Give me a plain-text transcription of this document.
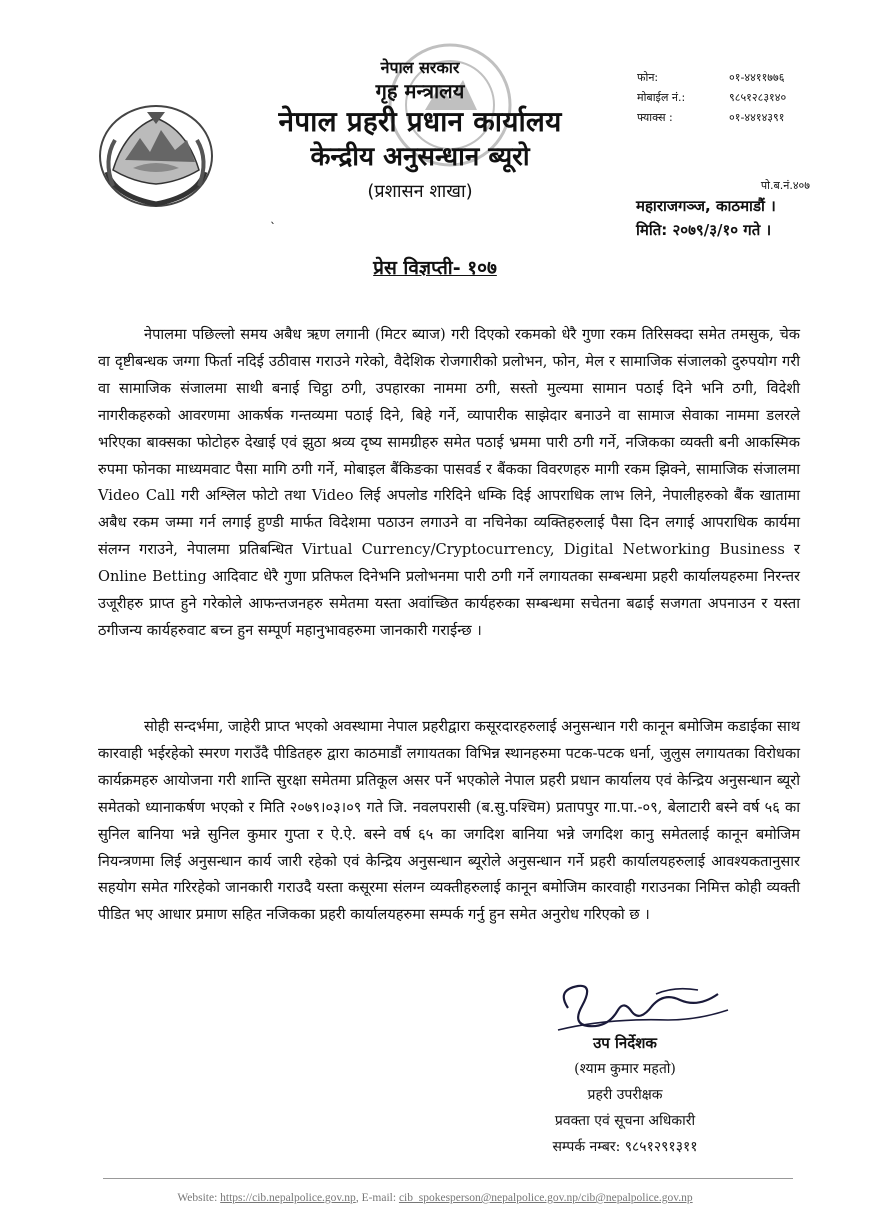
नेपाल सरकार
गृह मन्त्रालय
नेपाल प्रहरी प्रधान कार्यालय
केन्द्रीय अनुसन्धान ब्यूरो
(प्रशासन शाखा)
ˎ
फोन:	०१-४४११७७६
मोबाईल नं.:	९८५१२८३१४०
फ्याक्स :	०१-४४१४३९१
पो.ब.नं.४०७
महाराजगञ्ज, काठमाडौं ।
मिति: २०७९/३/१० गते ।
प्रेस विज्ञप्ती- १०७
नेपालमा पछिल्लो समय अबैध ऋण लगानी (मिटर ब्याज) गरी दिएको रकमको धेरै गुणा रकम तिरिसक्दा समेत तमसुक, चेक वा दृष्टीबन्धक जग्गा फिर्ता नदिई उठीवास गराउने गरेको, वैदेशिक रोजगारीको प्रलोभन, फोन, मेल र सामाजिक संजालको दुरुपयोग गरी वा सामाजिक संजालमा साथी बनाई चिट्ठा ठगी, उपहारका नाममा ठगी, सस्तो मुल्यमा सामान पठाई दिने भनि ठगी, विदेशी नागरीकहरुको आवरणमा आकर्षक गन्तव्यमा पठाई दिने, बिहे गर्ने, व्यापारीक साझेदार बनाउने वा सामाज सेवाका नाममा डलरले भरिएका बाक्सका फोटोहरु देखाई एवं झुठा श्रव्य दृष्य सामग्रीहरु समेत पठाई भ्रममा पारी ठगी गर्ने, नजिकका व्यक्ती बनी आकस्मिक रुपमा फोनका माध्यमवाट पैसा मागि ठगी गर्ने, मोबाइल बैंकिङका पासवर्ड र बैंकका विवरणहरु मागी रकम झिक्ने, सामाजिक संजालमा Video Call गरी अश्लिल फोटो तथा Video लिई अपलोड गरिदिने धम्कि दिई आपराधिक लाभ लिने, नेपालीहरुको बैंक खातामा अबैध रकम जम्मा गर्न लगाई हुण्डी मार्फत विदेशमा पठाउन लगाउने वा नचिनेका व्यक्तिहरुलाई पैसा दिन लगाई आपराधिक कार्यमा संलग्न गराउने, नेपालमा प्रतिबन्धित Virtual Currency/Cryptocurrency, Digital Networking Business र Online Betting आदिवाट धेरै गुणा प्रतिफल दिनेभनि प्रलोभनमा पारी ठगी गर्ने लगायतका सम्बन्धमा प्रहरी कार्यालयहरुमा निरन्तर उजूरीहरु प्राप्त हुने गरेकोले आफन्तजनहरु समेतमा यस्ता अवांच्छित कार्यहरुका सम्बन्धमा सचेतना बढाई सजगता अपनाउन र यस्ता ठगीजन्य कार्यहरुवाट बच्न हुन सम्पूर्ण महानुभावहरुमा जानकारी गराईन्छ ।
सोही सन्दर्भमा, जाहेरी प्राप्त भएको अवस्थामा नेपाल प्रहरीद्वारा कसूरदारहरुलाई अनुसन्धान गरी कानून बमोजिम कडाईका साथ कारवाही भईरहेको स्मरण गराउँदै पीडितहरु द्वारा काठमाडौं लगायतका विभिन्न स्थानहरुमा पटक-पटक धर्ना, जुलुस लगायतका विरोधका कार्यक्रमहरु आयोजना गरी शान्ति सुरक्षा समेतमा प्रतिकूल असर पर्ने भएकोले नेपाल प्रहरी प्रधान कार्यालय एवं केन्द्रिय अनुसन्धान ब्यूरो समेतको ध्यानाकर्षण भएको र मिति २०७९।०३।०९ गते जि. नवलपरासी (ब.सु.पश्चिम) प्रतापपुर गा.पा.-०९, बेलाटारी बस्ने वर्ष ५६ का सुनिल बानिया भन्ने सुनिल कुमार गुप्ता र ऐ.ऐ. बस्ने वर्ष ६५ का जगदिश बानिया भन्ने जगदिश कानु समेतलाई कानून बमोजिम नियन्त्रणमा लिई अनुसन्धान कार्य जारी रहेको एवं केन्द्रिय अनुसन्धान ब्यूरोले अनुसन्धान गर्ने प्रहरी कार्यालयहरुलाई आवश्यकतानुसार सहयोग समेत गरिरहेको जानकारी गराउदै यस्ता कसूरमा संलग्न व्यक्तीहरुलाई कानून बमोजिम कारवाही गराउनका निमित्त कोही व्यक्ती पीडित भए आधार प्रमाण सहित नजिकका प्रहरी कार्यालयहरुमा सम्पर्क गर्नु हुन समेत अनुरोध गरिएको छ ।
उप निर्देशक
(श्याम कुमार महतो)
प्रहरी उपरीक्षक
प्रवक्ता एवं सूचना अधिकारी
सम्पर्क नम्बर: ९८५१२९१३११
Website: https://cib.nepalpolice.gov.np, E-mail: cib_spokesperson@nepalpolice.gov.np/cib@nepalpolice.gov.np
